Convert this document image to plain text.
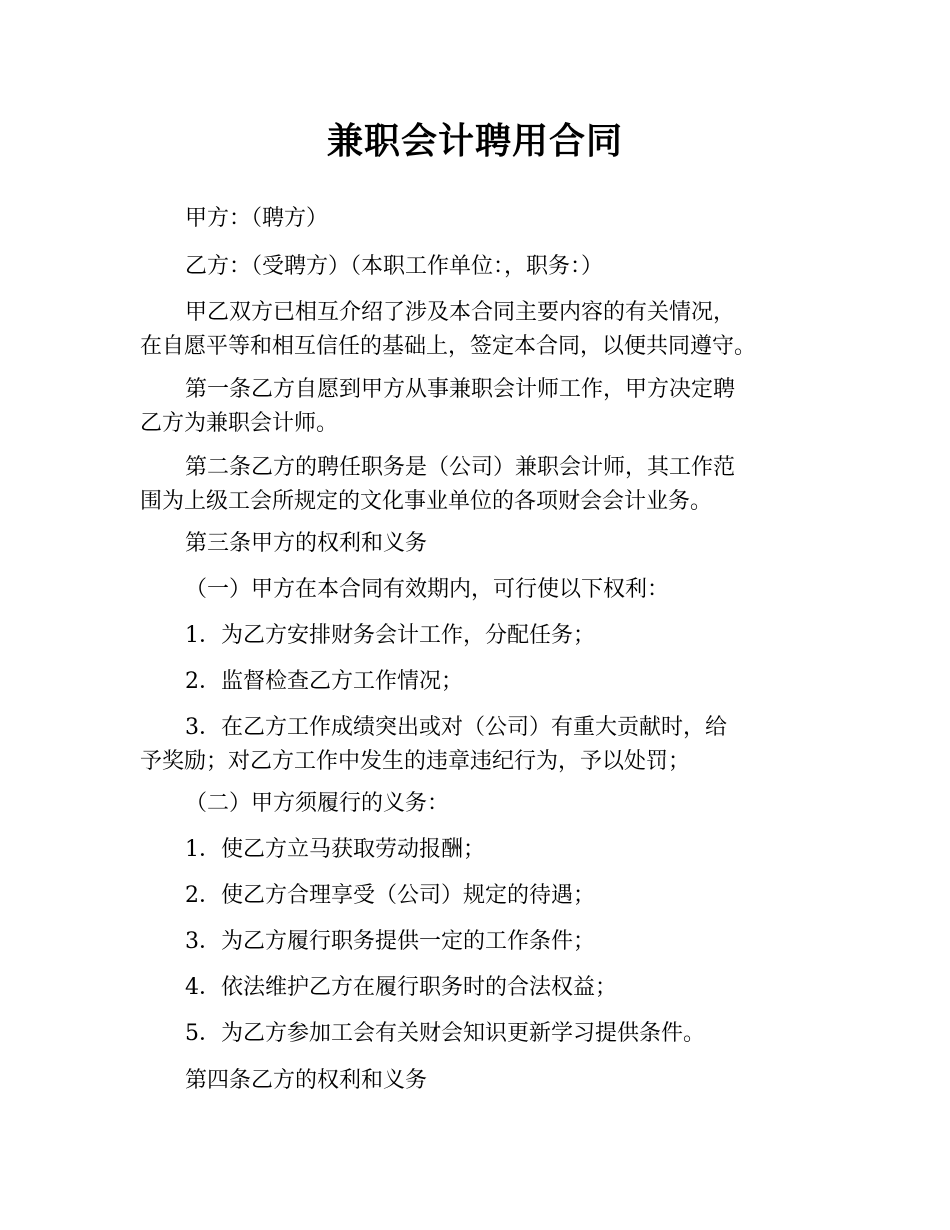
兼职会计聘用合同
甲方：（聘方）
乙方：（受聘方）（本职工作单位：，职务：）
甲乙双方已相互介绍了涉及本合同主要内容的有关情况，
在自愿平等和相互信任的基础上，签定本合同，以便共同遵守。
第一条乙方自愿到甲方从事兼职会计师工作，甲方决定聘
乙方为兼职会计师。
第二条乙方的聘任职务是（公司）兼职会计师，其工作范
围为上级工会所规定的文化事业单位的各项财会会计业务。
第三条甲方的权利和义务
（一）甲方在本合同有效期内，可行使以下权利：
1．为乙方安排财务会计工作，分配任务；
2．监督检查乙方工作情况；
3．在乙方工作成绩突出或对（公司）有重大贡献时，给
予奖励；对乙方工作中发生的违章违纪行为，予以处罚；
（二）甲方须履行的义务：
1．使乙方立马获取劳动报酬；
2．使乙方合理享受（公司）规定的待遇；
3．为乙方履行职务提供一定的工作条件；
4．依法维护乙方在履行职务时的合法权益；
5．为乙方参加工会有关财会知识更新学习提供条件。
第四条乙方的权利和义务
